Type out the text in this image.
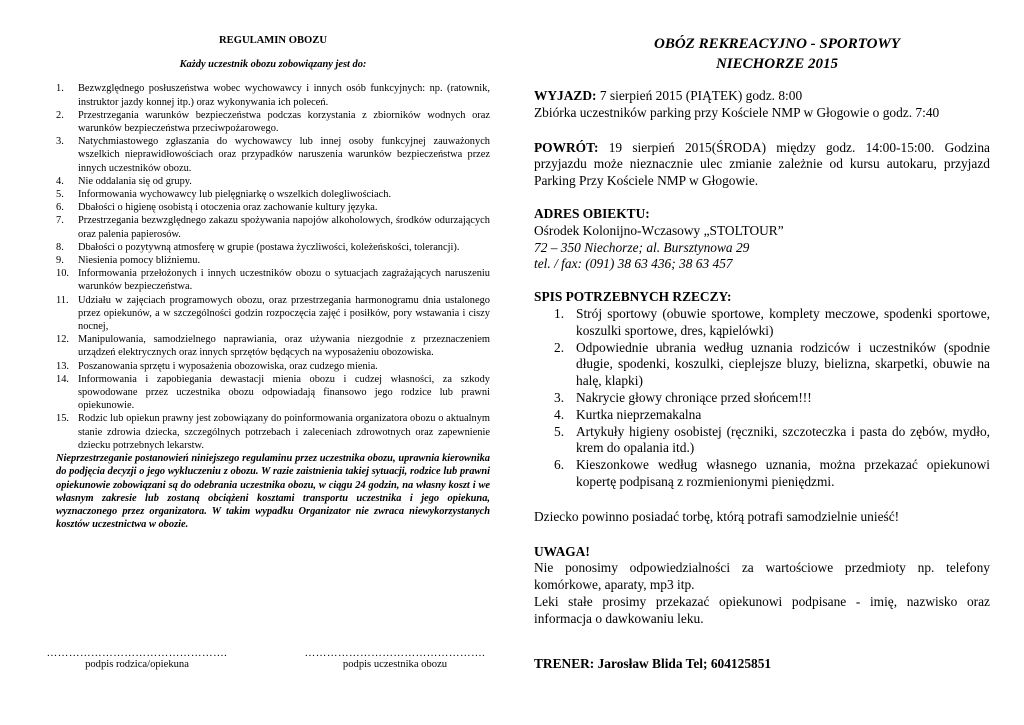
REGULAMIN OBOZU
Każdy uczestnik obozu zobowiązany jest do:
1. Bezwzględnego posłuszeństwa wobec wychowawcy i innych osób funkcyjnych: np. (ratownik, instruktor jazdy konnej itp.) oraz wykonywania ich poleceń.
2. Przestrzegania warunków bezpieczeństwa podczas korzystania z zbiorników wodnych oraz warunków bezpieczeństwa przeciwpożarowego.
3. Natychmiastowego zgłaszania do wychowawcy lub innej osoby funkcyjnej zauważonych wszelkich nieprawidłowościach oraz przypadków naruszenia warunków bezpieczeństwa przez innych uczestników obozu.
4. Nie oddalania się od grupy.
5. Informowania wychowawcy lub pielęgniarkę o wszelkich dolegliwościach.
6. Dbałości o higienę osobistą i otoczenia oraz zachowanie kultury języka.
7. Przestrzegania bezwzględnego zakazu spożywania napojów alkoholowych, środków odurzających oraz palenia papierosów.
8. Dbałości o pozytywną atmosferę w grupie (postawa życzliwości, koleżeńskości, tolerancji).
9. Niesienia pomocy bliźniemu.
10. Informowania przełożonych i innych uczestników obozu o sytuacjach zagrażających naruszeniu warunków bezpieczeństwa.
11. Udziału w zajęciach programowych obozu, oraz przestrzegania harmonogramu dnia ustalonego przez opiekunów, a w szczególności godzin rozpoczęcia zajęć i posiłków, pory wstawania i ciszy nocnej,
12. Manipulowania, samodzielnego naprawiania, oraz używania niezgodnie z przeznaczeniem urządzeń elektrycznych oraz innych sprzętów będących na wyposażeniu obozowiska.
13. Poszanowania sprzętu i wyposażenia obozowiska, oraz cudzego mienia.
14. Informowania i zapobiegania dewastacji mienia obozu i cudzej własności, za szkody spowodowane przez uczestnika obozu odpowiadają finansowo jego rodzice lub prawni opiekunowie.
15. Rodzic lub opiekun prawny jest zobowiązany do poinformowania organizatora obozu o aktualnym stanie zdrowia dziecka, szczególnych potrzebach i zaleceniach zdrowotnych oraz zapewnienie dziecku potrzebnych lekarstw.
Nieprzestrzeganie postanowień niniejszego regulaminu przez uczestnika obozu, uprawnia kierownika do podjęcia decyzji o jego wykluczeniu z obozu. W razie zaistnienia takiej sytuacji, rodzice lub prawni opiekunowie zobowiązani są do odebrania uczestnika obozu, w ciągu 24 godzin, na własny koszt i we własnym zakresie lub zostaną obciążeni kosztami transportu uczestnika i jego opiekuna, wyznaczonego przez organizatora. W takim wypadku Organizator nie zwraca niewykorzystanych kosztów uczestnictwa w obozie.
………………………………………….
podpis rodzica/opiekuna
………………………………………….
podpis uczestnika obozu
OBÓZ REKREACYJNO - SPORTOWY
NIECHORZE 2015

WYJAZD: 7 sierpień 2015 (PIĄTEK) godz. 8:00

Zbiórka uczestników parking przy Kościele NMP w Głogowie o godz. 7:40

POWRÓT: 19 sierpień 2015(ŚRODA) między godz. 14:00-15:00. Godzina przyjazdu może nieznacznie ulec zmianie zależnie od kursu autokaru, przyjazd Parking Przy Kościele NMP w Głogowie.

ADRES OBIEKTU:

Ośrodek Kolonijno-Wczasowy „STOLTOUR”

72 – 350 Niechorze; al. Bursztynowa 29

tel. / fax: (091) 38 63 436; 38 63 457

SPIS POTRZEBNYCH RZECZY:

1. Strój sportowy (obuwie sportowe, komplety meczowe, spodenki sportowe, koszulki sportowe, dres, kąpielówki)
2. Odpowiednie ubrania według uznania rodziców i uczestników (spodnie długie, spodenki, koszulki, cieplejsze bluzy, bielizna, skarpetki, obuwie na halę, klapki)
3. Nakrycie głowy chroniące przed słońcem!!!
4. Kurtka nieprzemakalna
5. Artykuły higieny osobistej (ręczniki, szczoteczka i pasta do zębów, mydło, krem do opalania itd.)
6. Kieszonkowe według własnego uznania, można przekazać opiekunowi kopertę podpisaną z rozmienionymi pieniędzmi.

Dziecko powinno posiadać torbę, którą potrafi samodzielnie unieść!

UWAGA!

Nie ponosimy odpowiedzialności za wartościowe przedmioty np. telefony komórkowe, aparaty, mp3 itp.

Leki stałe prosimy przekazać opiekunowi podpisane - imię, nazwisko oraz informacja o dawkowaniu leku.

TRENER: Jarosław Blida Tel; 604125851
